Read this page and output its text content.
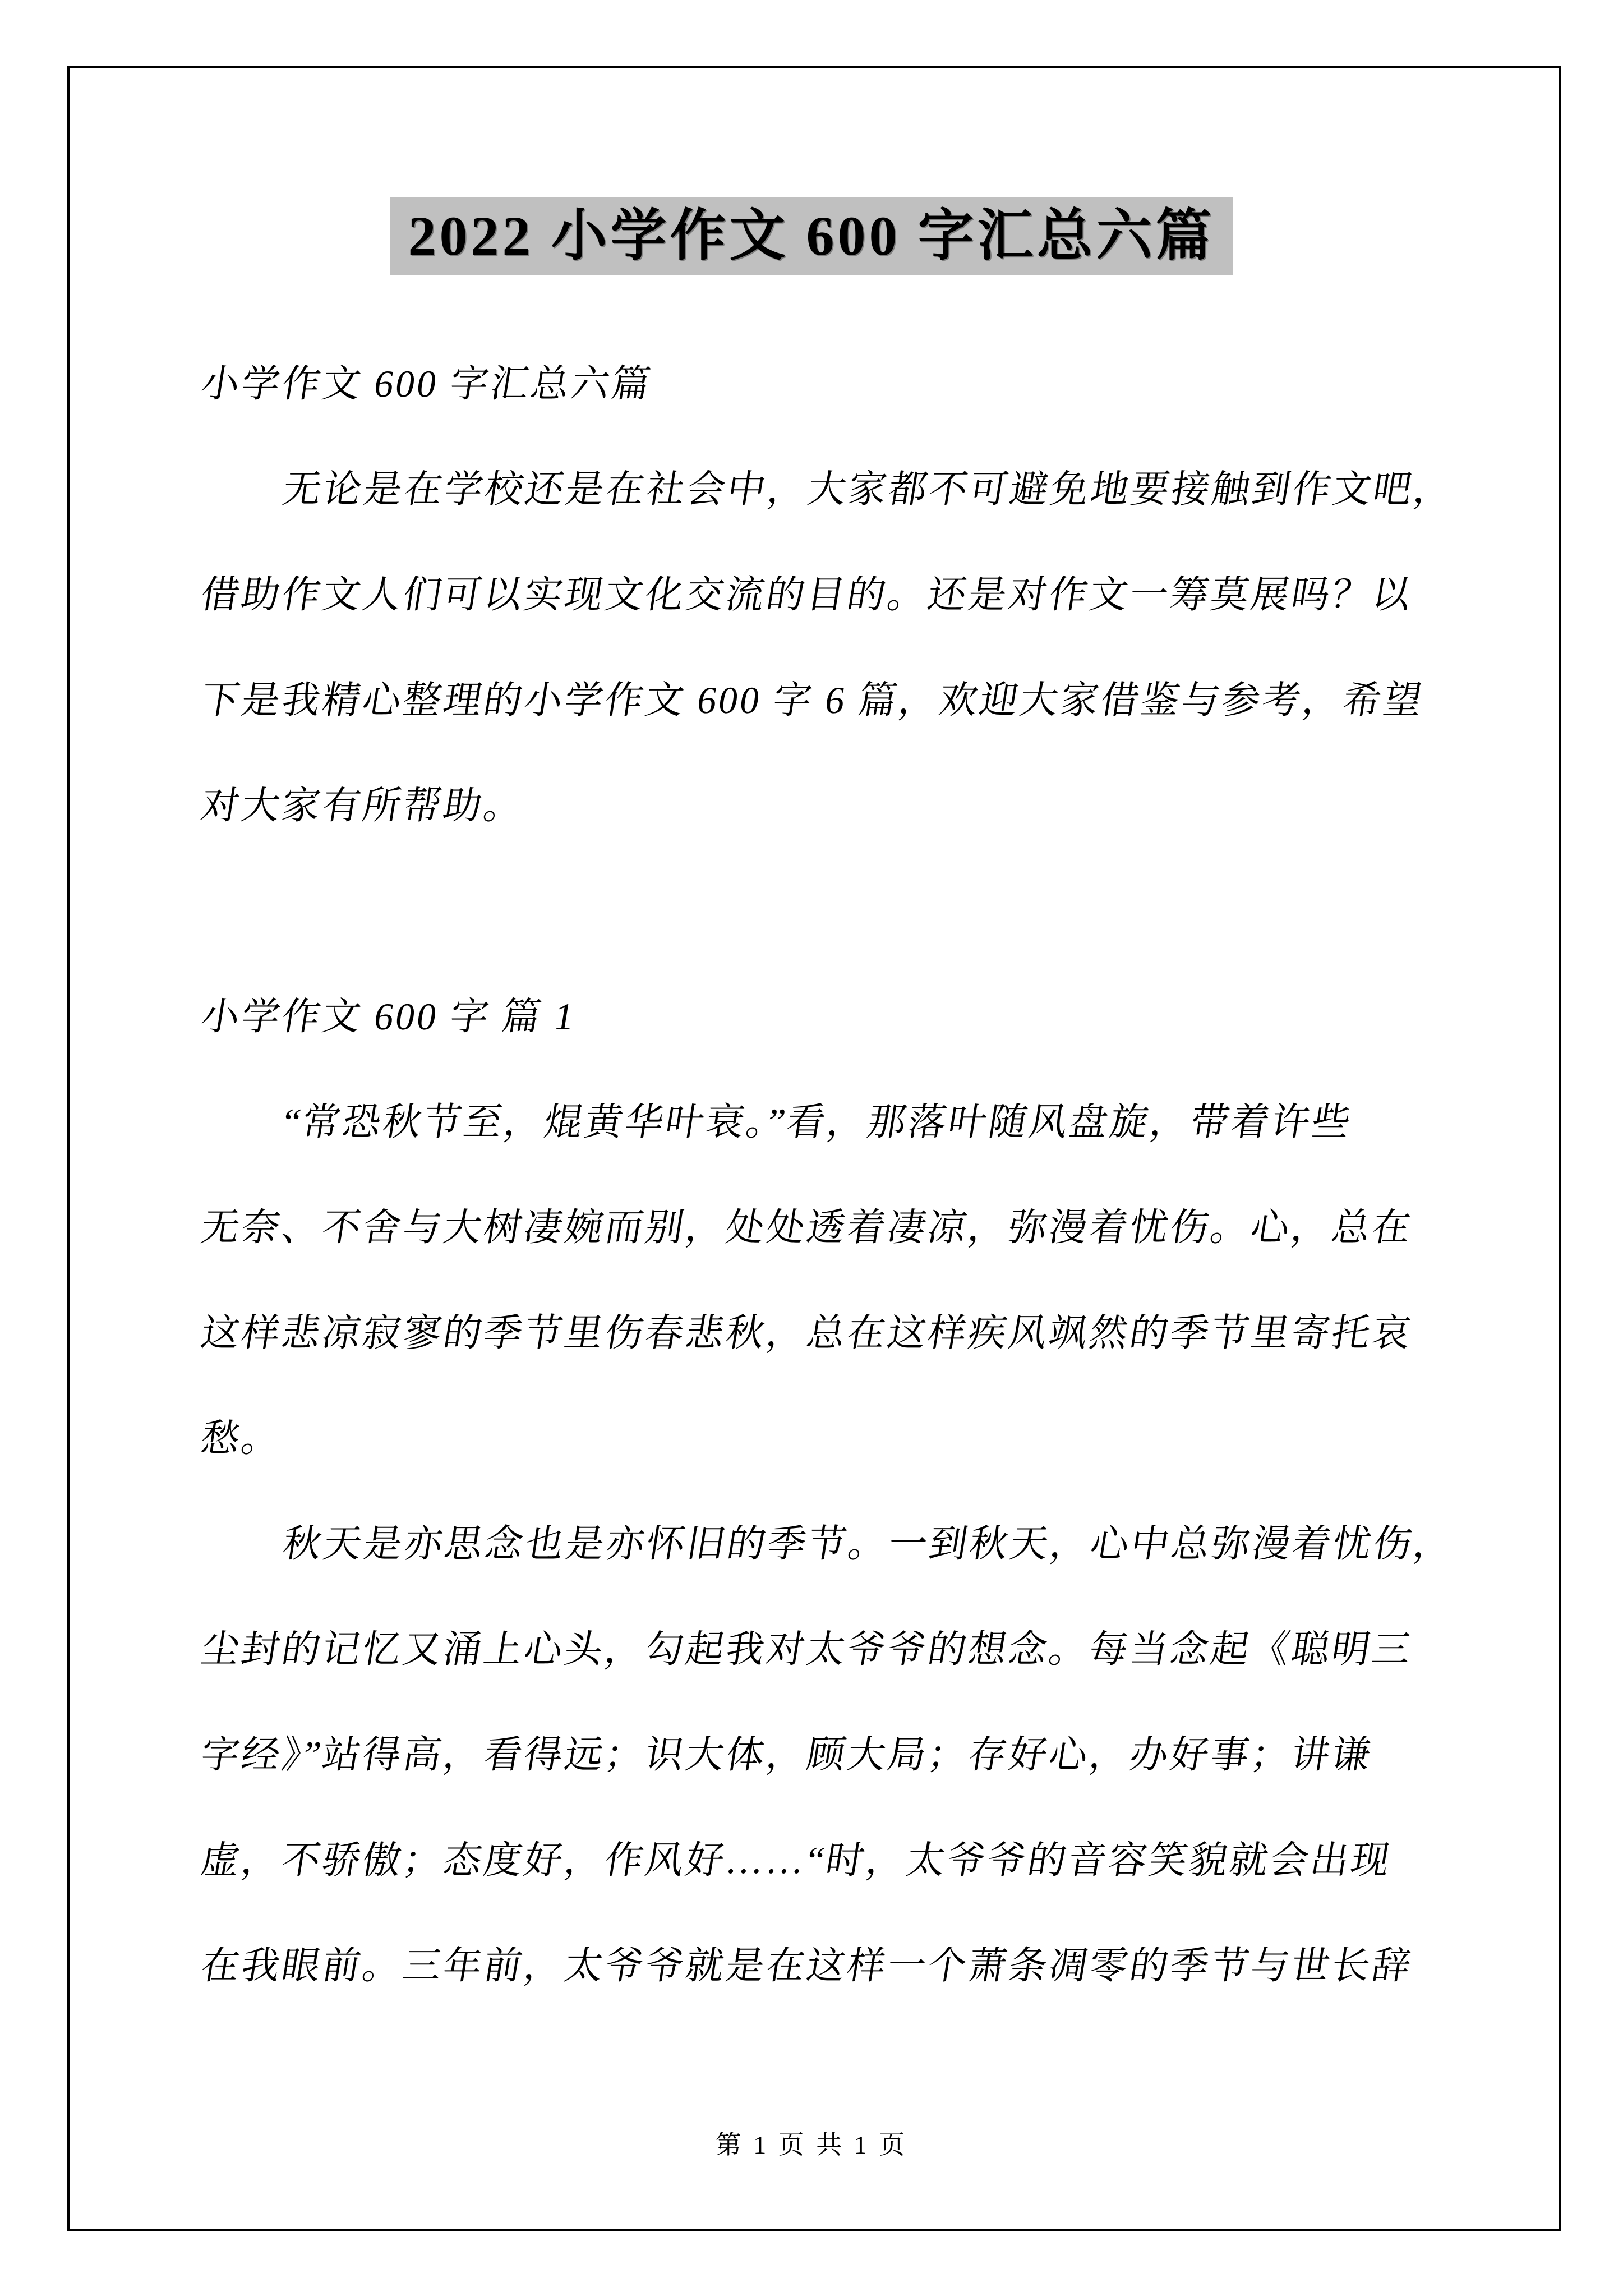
2022 小学作文 600 字汇总六篇
小学作文 600 字汇总六篇
无论是在学校还是在社会中，大家都不可避免地要接触到作文吧，
借助作文人们可以实现文化交流的目的。还是对作文一筹莫展吗？以
下是我精心整理的小学作文 600 字 6 篇，欢迎大家借鉴与参考，希望
对大家有所帮助。
小学作文 600 字 篇 1
“常恐秋节至，焜黄华叶衰。”看，那落叶随风盘旋，带着许些
无奈、不舍与大树凄婉而别，处处透着凄凉，弥漫着忧伤。心，总在
这样悲凉寂寥的季节里伤春悲秋，总在这样疾风飒然的季节里寄托哀
愁。
秋天是亦思念也是亦怀旧的季节。一到秋天，心中总弥漫着忧伤，
尘封的记忆又涌上心头，勾起我对太爷爷的想念。每当念起《聪明三
字经》”站得高，看得远；识大体，顾大局；存好心，办好事；讲谦
虚，不骄傲；态度好，作风好……“时，太爷爷的音容笑貌就会出现
在我眼前。三年前，太爷爷就是在这样一个萧条凋零的季节与世长辞
第 1 页 共 1 页
